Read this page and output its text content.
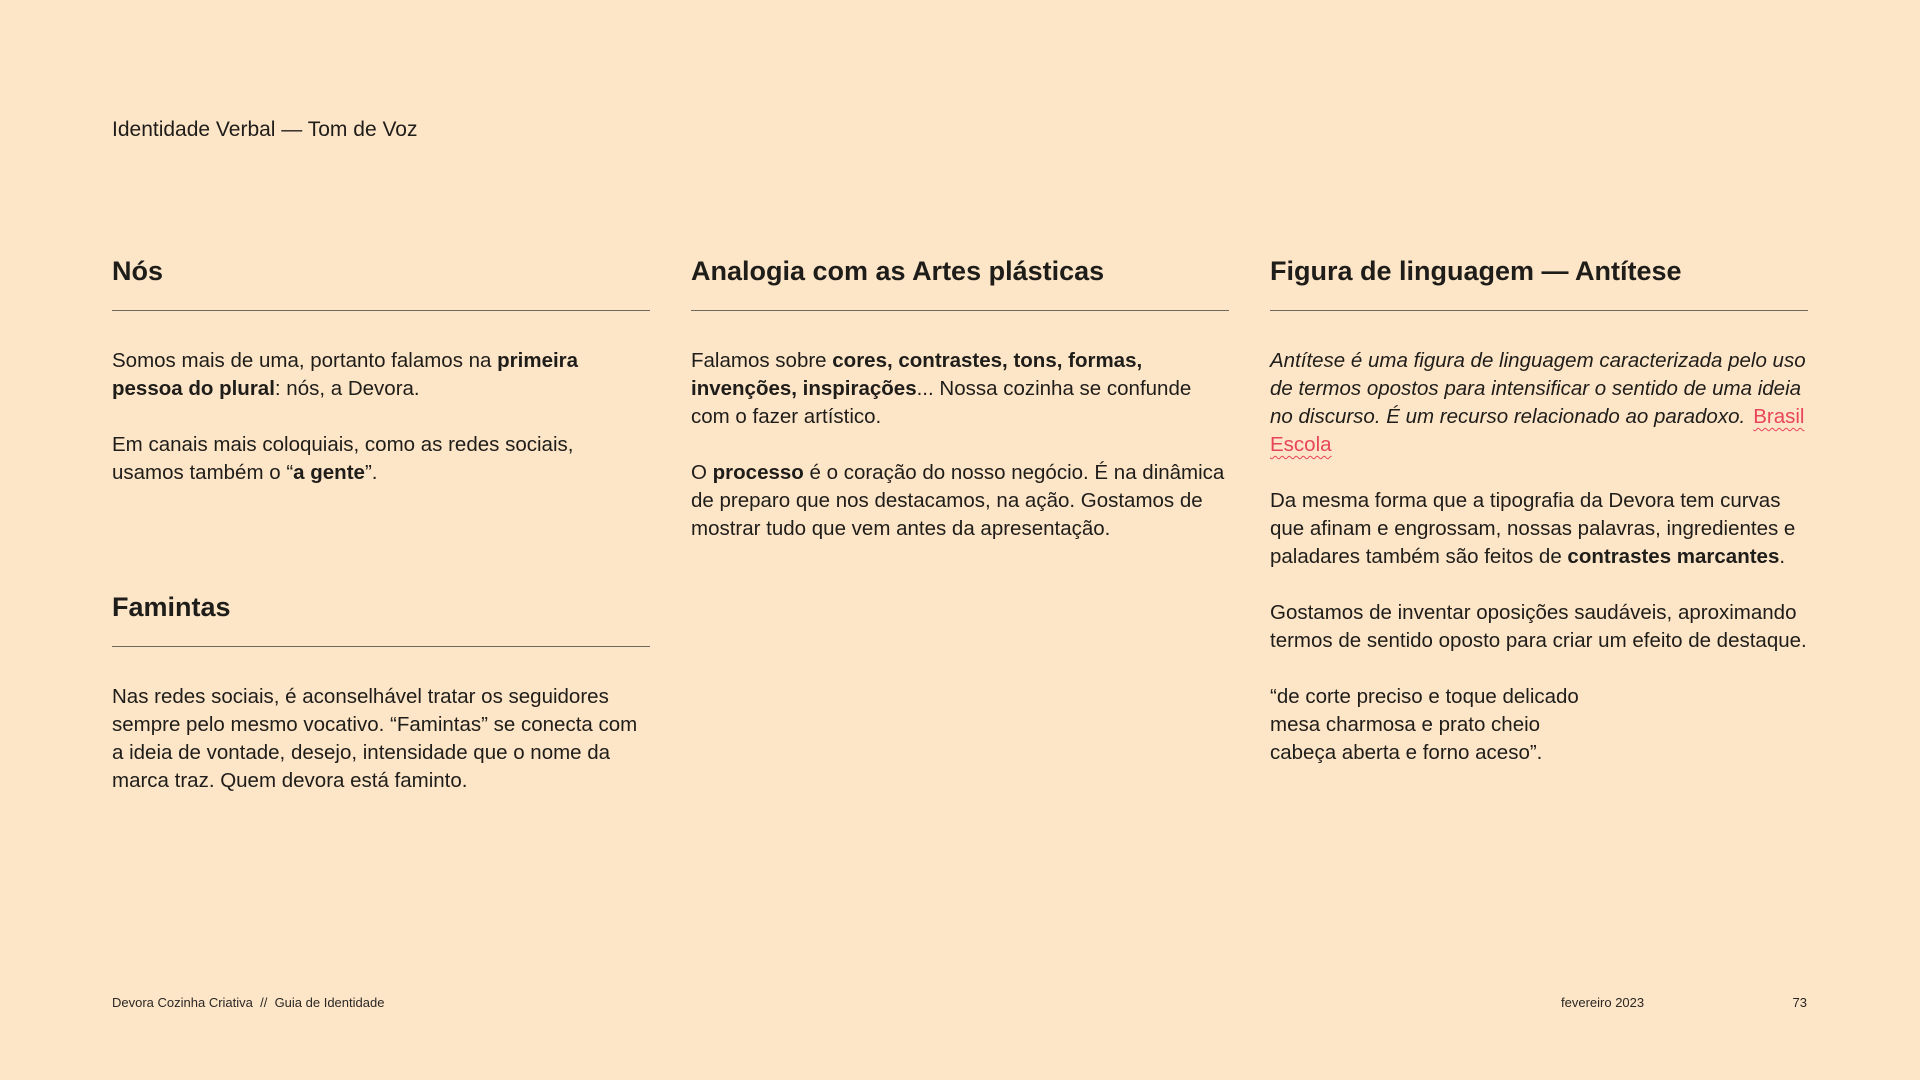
Identidade Verbal — Tom de Voz
Nós

Somos mais de uma, portanto falamos na primeira pessoa do plural: nós, a Devora.

Em canais mais coloquiais, como as redes sociais, usamos também o “a gente”.

Famintas

Nas redes sociais, é aconselhável tratar os seguidores sempre pelo mesmo vocativo. “Famintas” se conecta com a ideia de vontade, desejo, intensidade que o nome da marca traz. Quem devora está faminto.

Analogia com as Artes plásticas

Falamos sobre cores, contrastes, tons, formas, invenções, inspirações... Nossa cozinha se confunde com o fazer artístico.

O processo é o coração do nosso negócio. É na dinâmica de preparo que nos destacamos, na ação. Gostamos de mostrar tudo que vem antes da apresentação.

Figura de linguagem — Antítese

Antítese é uma figura de linguagem caracterizada pelo uso de termos opostos para intensificar o sentido de uma ideia no discurso. É um recurso relacionado ao paradoxo. Brasil Escola

Da mesma forma que a tipografia da Devora tem curvas que afinam e engrossam, nossas palavras, ingredientes e paladares também são feitos de contrastes marcantes.

Gostamos de inventar oposições saudáveis, aproximando termos de sentido oposto para criar um efeito de destaque.

“de corte preciso e toque delicado
mesa charmosa e prato cheio
cabeça aberta e forno aceso”.

Devora Cozinha Criativa  //  Guia de Identidade	fevereiro 2023	73
